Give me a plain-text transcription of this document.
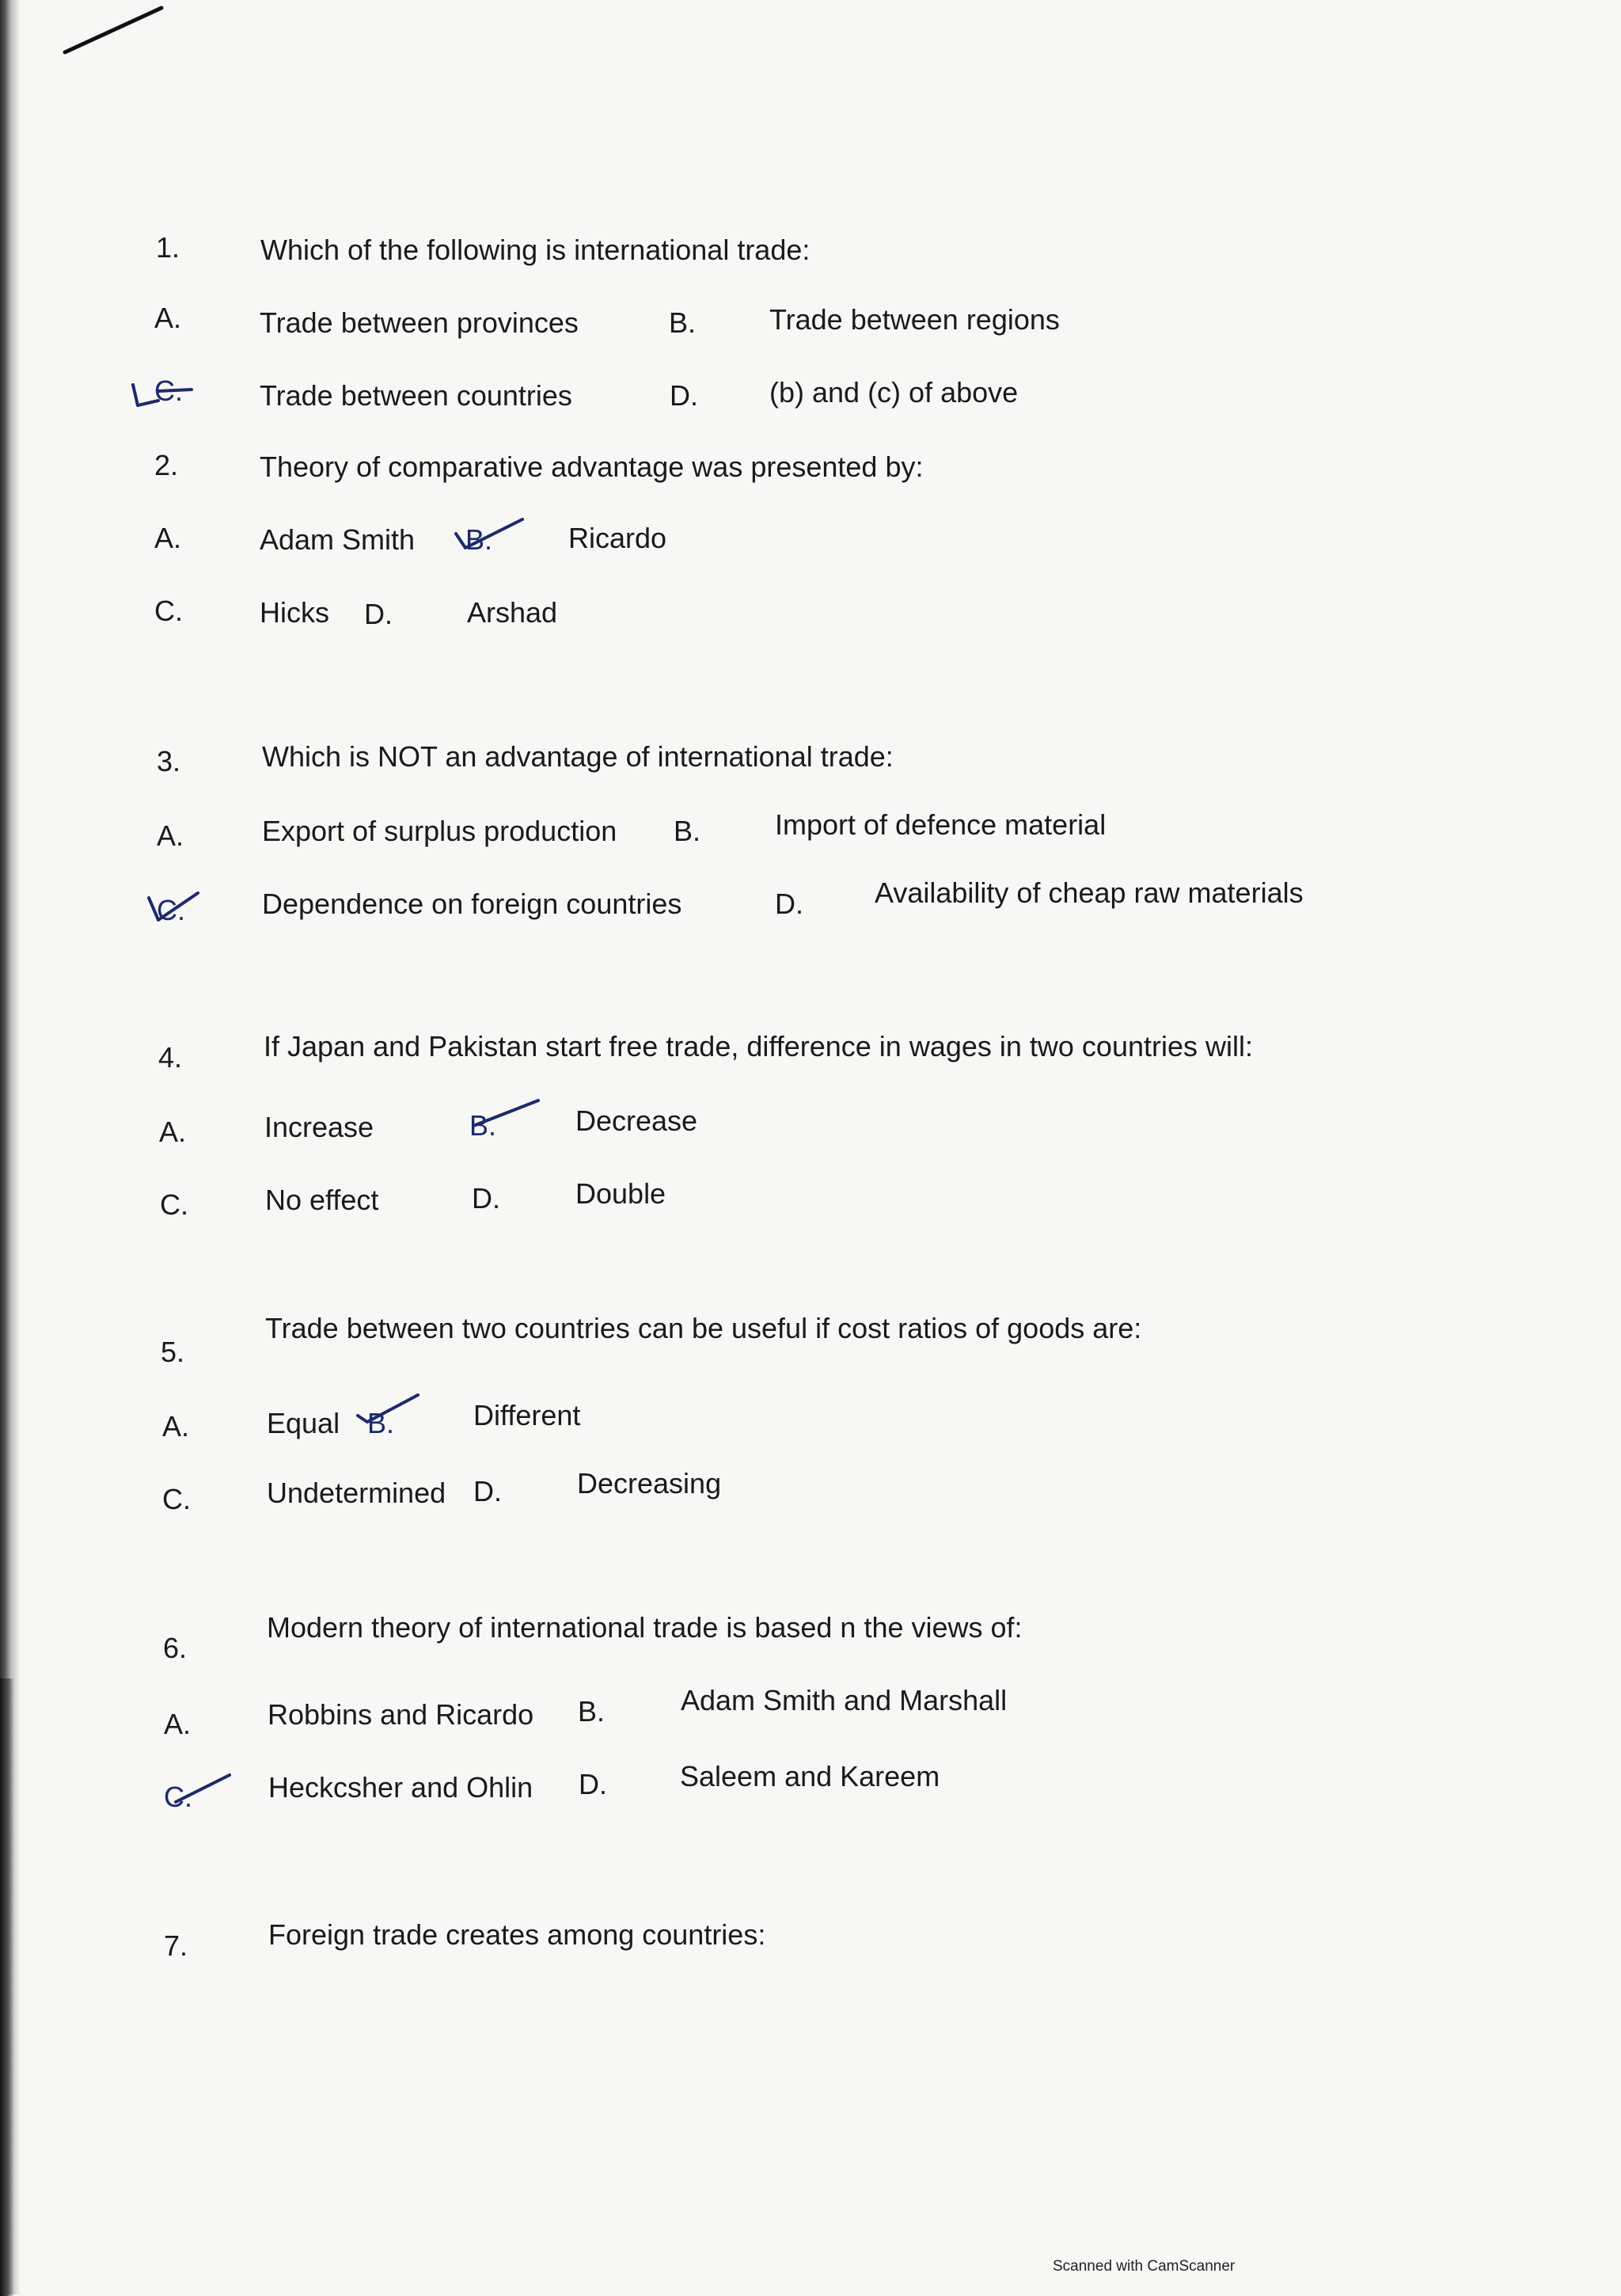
1.	Which of the following is international trade:
A.	Trade between provinces	B.	Trade between regions
C.	Trade between countries	D.	(b) and (c) of above
2.	Theory of comparative advantage was presented by:
A.	Adam Smith B.	Ricardo
C.	Hicks D.	Arshad
3.	Which is NOT an advantage of international trade:
A.	Export of surplus production B.	Import of defence material
C.	Dependence on foreign countries	D.	Availability of cheap raw materials
4.	If Japan and Pakistan start free trade, difference in wages in two countries will:
A.	Increase	B.	Decrease
C.	No effect	D.	Double
5.
Trade between two countries can be useful if cost ratios of goods are:
A.	Equal B.	Different
C.	Undetermined D.	Decreasing
6.
Modern theory of international trade is based n the views of:
A.	Robbins and Ricardo B.	Adam Smith and Marshall
C.	Heckcsher and Ohlin D.	Saleem and Kareem
7.	Foreign trade creates among countries:
Scanned with CamScanner
